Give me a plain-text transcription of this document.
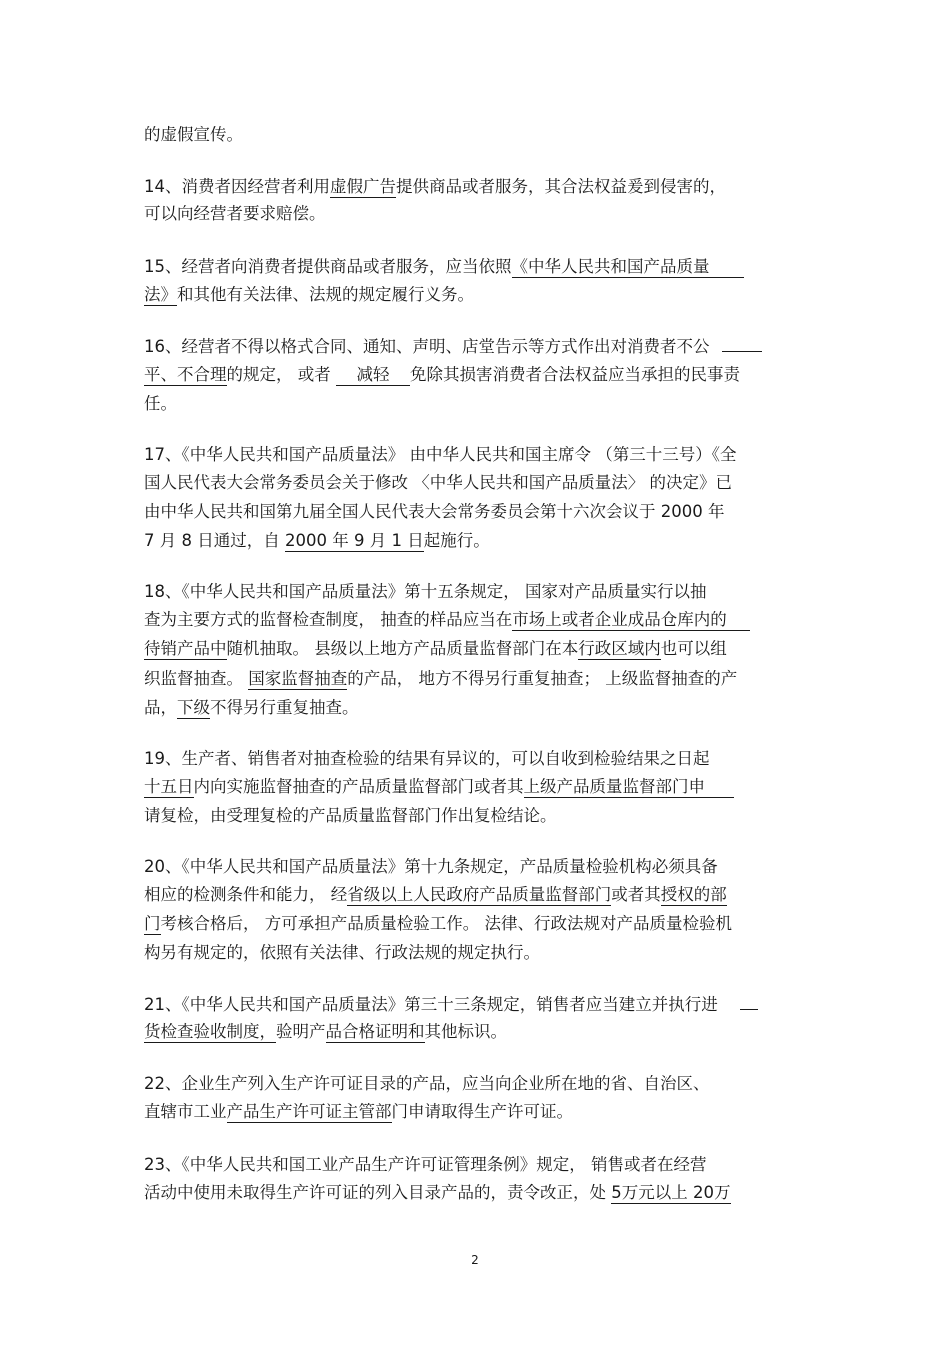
的虚假宣传。
14、消费者因经营者利用虚假广告提供商品或者服务，其合法权益爰到侵害的，
可以向经营者要求赔偿。
15、经营者向消费者提供商品或者服务，应当依照《中华人民共和国产品质量
法》和其他有关法律、法规的规定履行义务。
16、经营者不得以格式合同、通知、声明、店堂告示等方式作出对消费者不公
平、不合理的规定， 或者 减轻 免除其损害消费者合法权益应当承担的民事责
任。
17、《中华人民共和国产品质量法》 由中华人民共和国主席令 （第三十三号）《全
国人民代表大会常务委员会关于修改 〈中华人民共和国产品质量法〉 的决定》已
由中华人民共和国第九届全国人民代表大会常务委员会第十六次会议于 2000 年
7 月 8 日通过，自 2000 年 9 月 1 日起施行。
18、《中华人民共和国产品质量法》第十五条规定， 国家对产品质量实行以抽
查为主要方式的监督检查制度， 抽查的样品应当在市场上或者企业成品仓库内的
待销产品中随机抽取。 县级以上地方产品质量监督部门在本行政区域内也可以组
织监督抽查。 国家监督抽查的产品， 地方不得另行重复抽查； 上级监督抽查的产
品，下级不得另行重复抽查。
19、生产者、销售者对抽查检验的结果有异议的，可以自收到检验结果之日起
十五日内向实施监督抽查的产品质量监督部门或者其上级产品质量监督部门申
请复检，由受理复检的产品质量监督部门作出复检结论。
20、《中华人民共和国产品质量法》第十九条规定，产品质量检验机构必须具备
相应的检测条件和能力， 经省级以上人民政府产品质量监督部门或者其授权的部
门考核合格后， 方可承担产品质量检验工作。 法律、行政法规对产品质量检验机
构另有规定的，依照有关法律、行政法规的规定执行。
21、《中华人民共和国产品质量法》第三十三条规定，销售者应当建立并执行进
货检查验收制度，验明产品合格证明和其他标识。
22、企业生产列入生产许可证目录的产品，应当向企业所在地的省、自治区、
直辖市工业产品生产许可证主管部门申请取得生产许可证。
23、《中华人民共和国工业产品生产许可证管理条例》规定， 销售或者在经营
活动中使用未取得生产许可证的列入目录产品的，责令改正，处 5万元以上 20万
2
